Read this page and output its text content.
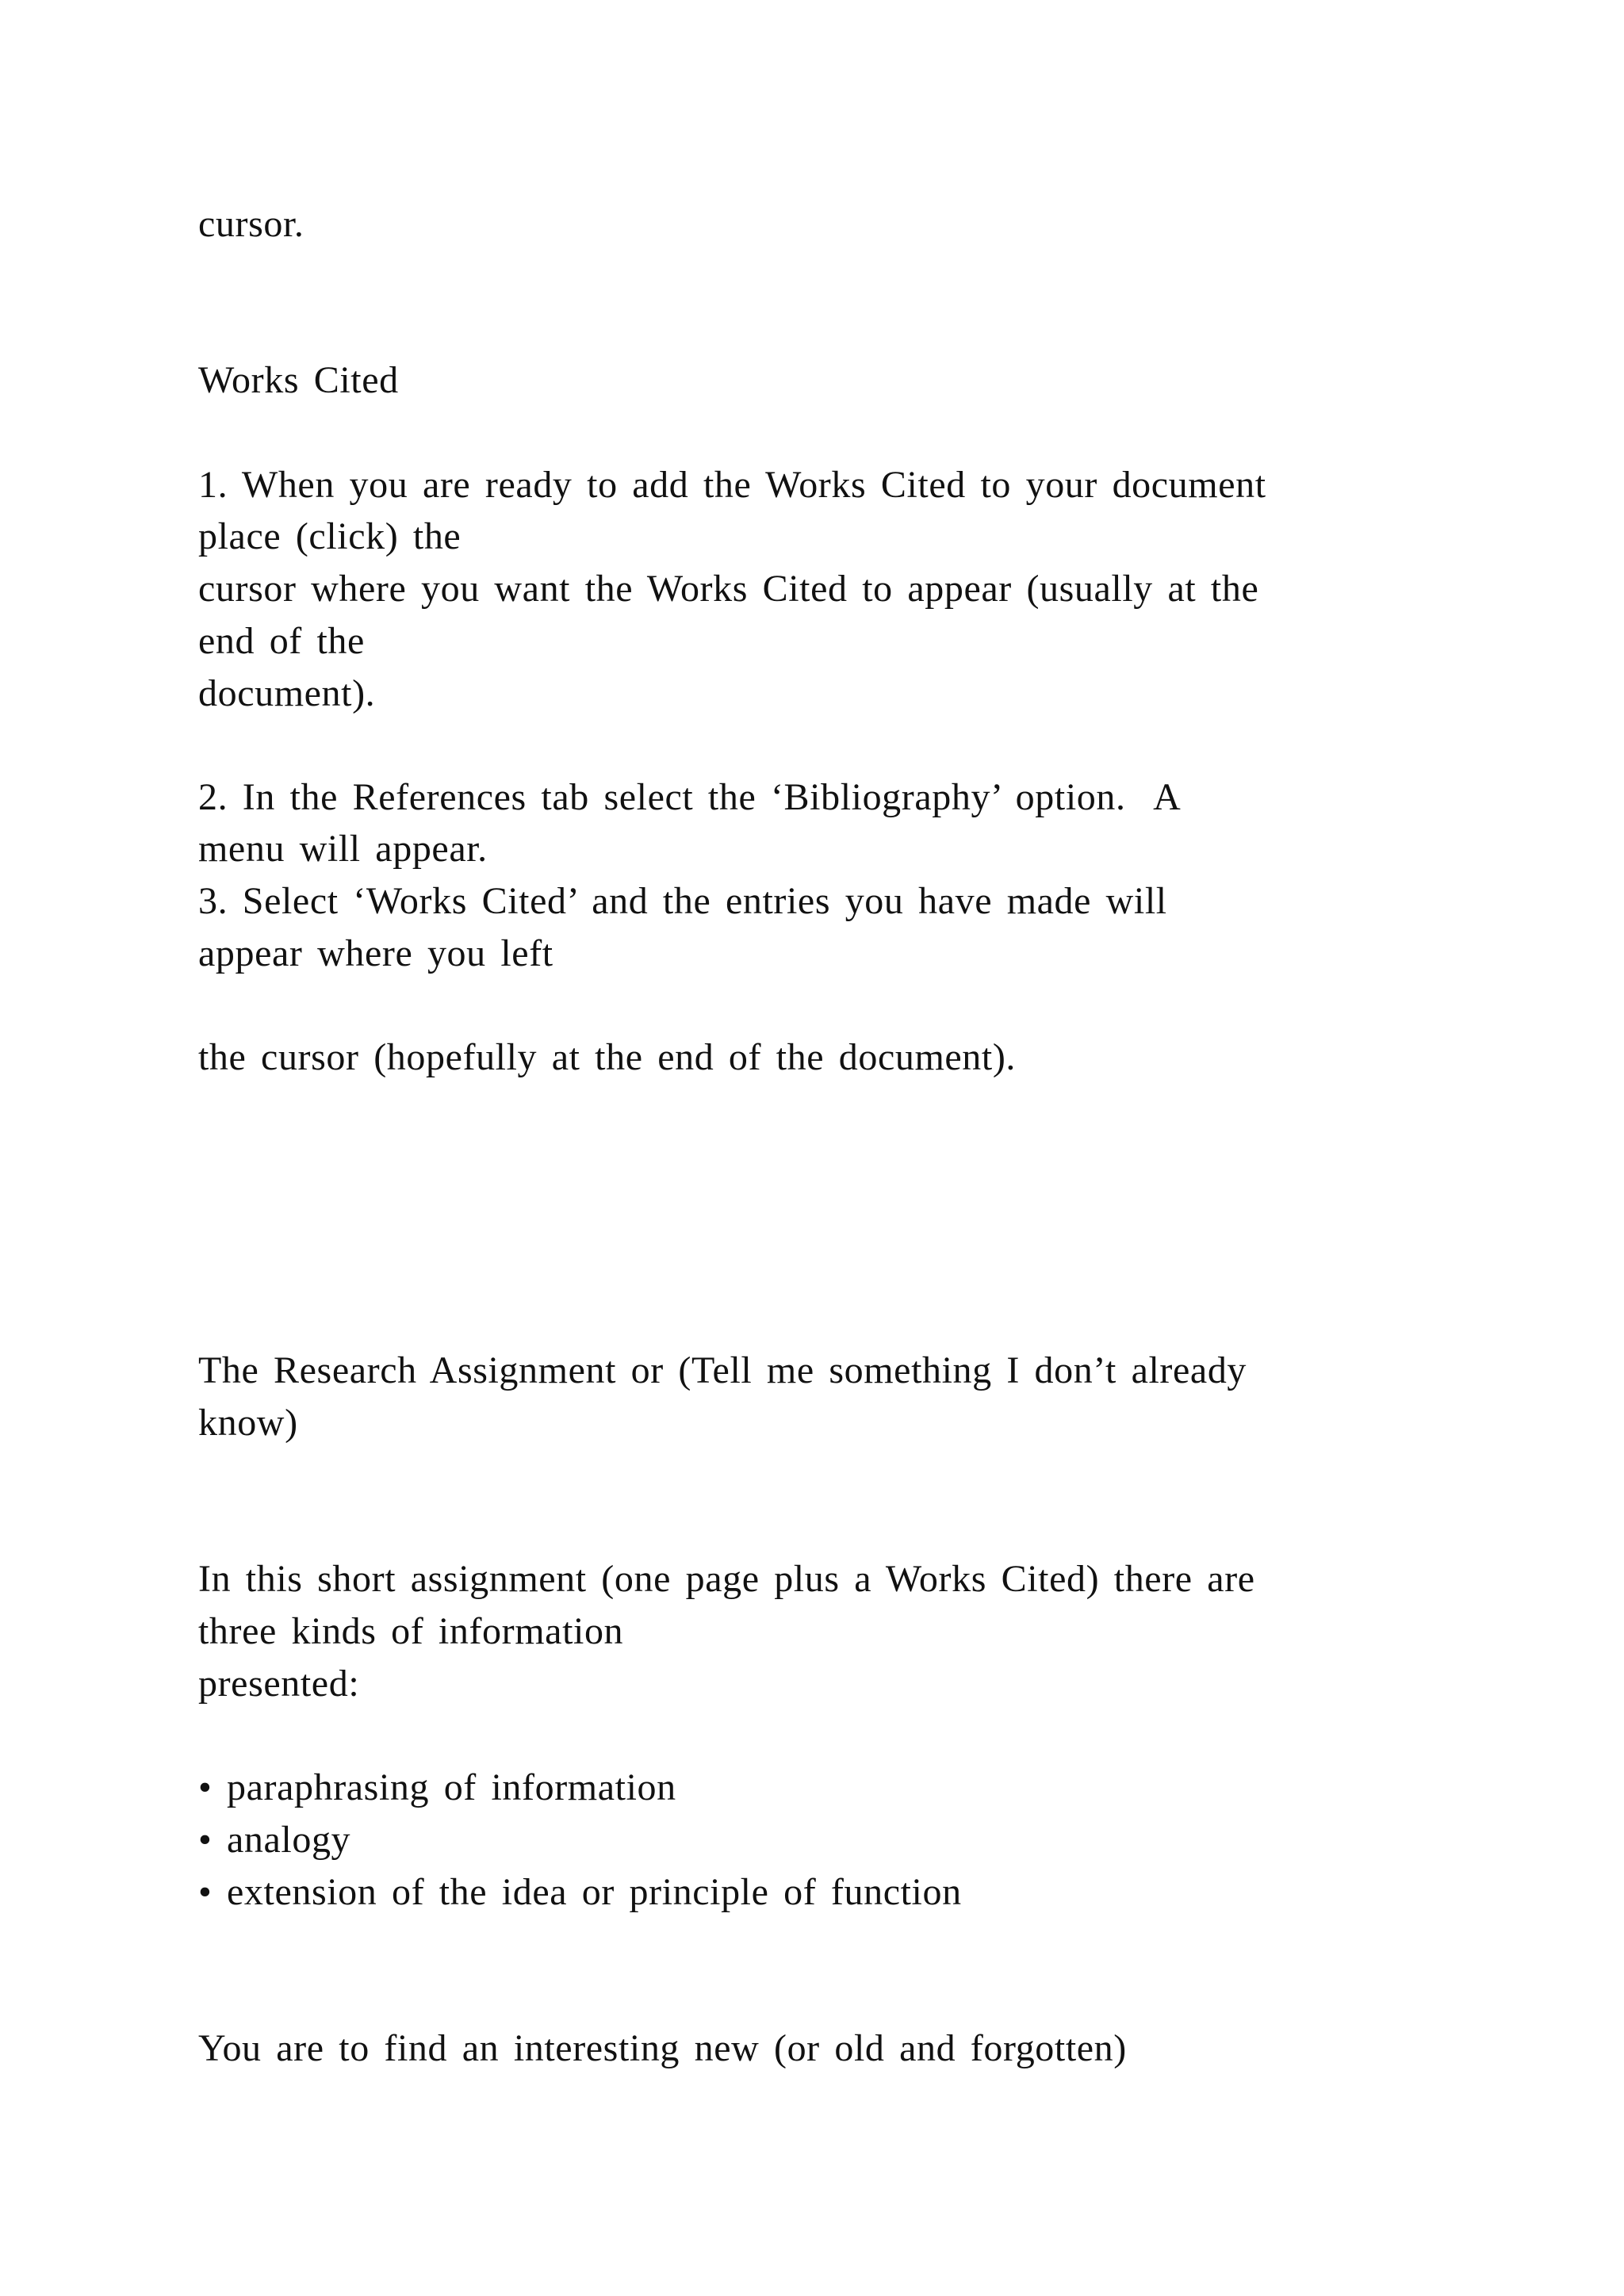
cursor.

Works Cited

1. When you are ready to add the Works Cited to your document

place (click) the

cursor where you want the Works Cited to appear (usually at the

end of the

document).

2. In the References tab select the ‘Bibliography’ option.  A

menu will appear.

3. Select ‘Works Cited’ and the entries you have made will

appear where you left

the cursor (hopefully at the end of the document).

The Research Assignment or (Tell me something I don’t already

know)

In this short assignment (one page plus a Works Cited) there are

three kinds of information

presented:

• paraphrasing of information

• analogy

• extension of the idea or principle of function

You are to find an interesting new (or old and forgotten)
